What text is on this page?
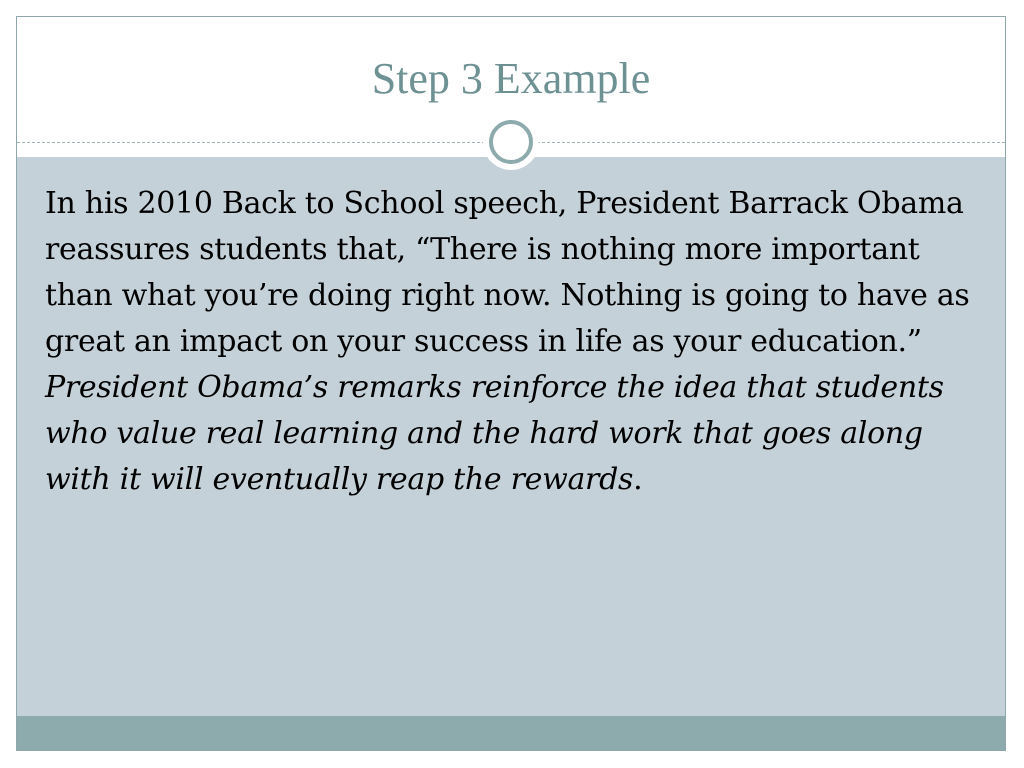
Step 3 Example

In his 2010 Back to School speech, President Barrack Obama reassures students that, “There is nothing more important than what you’re doing right now. Nothing is going to have as great an impact on your success in life as your education.” President Obama’s remarks reinforce the idea that students who value real learning and the hard work that goes along with it will eventually reap the rewards.
